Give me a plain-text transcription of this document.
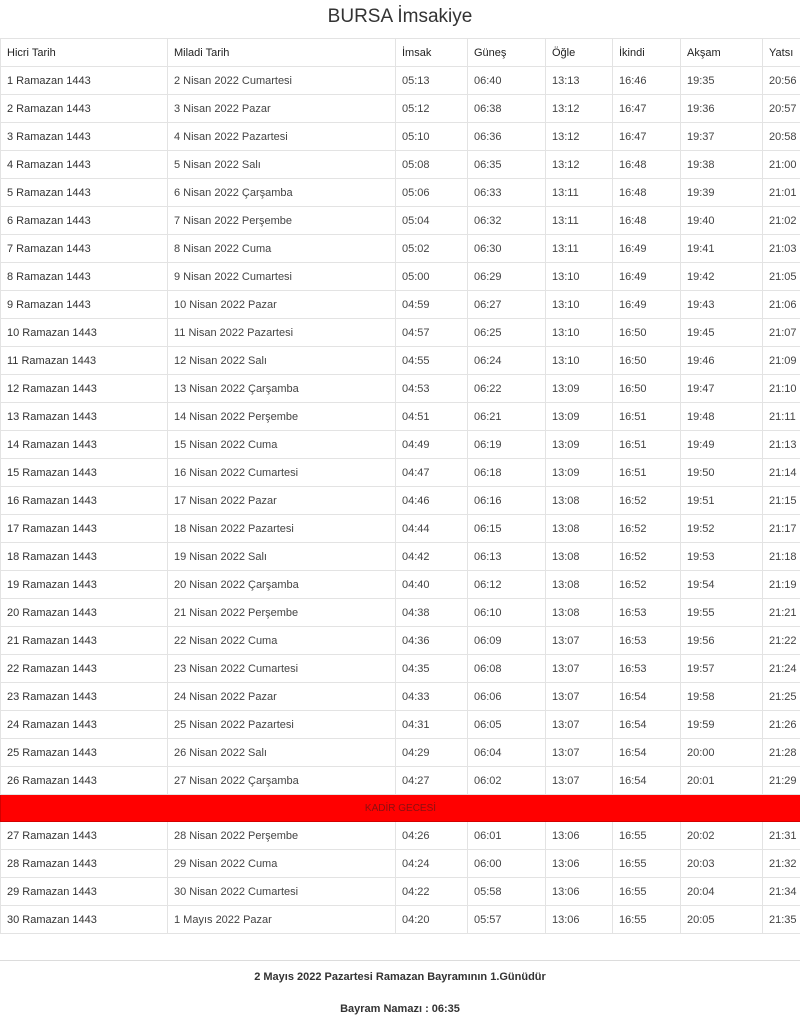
BURSA İmsakiye
Hicri Tarih	Miladi Tarih	İmsak	Güneş	Öğle	İkindi	Akşam	Yatsı
1 Ramazan 1443	2 Nisan 2022 Cumartesi	05:13	06:40	13:13	16:46	19:35	20:56
2 Ramazan 1443	3 Nisan 2022 Pazar	05:12	06:38	13:12	16:47	19:36	20:57
3 Ramazan 1443	4 Nisan 2022 Pazartesi	05:10	06:36	13:12	16:47	19:37	20:58
4 Ramazan 1443	5 Nisan 2022 Salı	05:08	06:35	13:12	16:48	19:38	21:00
5 Ramazan 1443	6 Nisan 2022 Çarşamba	05:06	06:33	13:11	16:48	19:39	21:01
6 Ramazan 1443	7 Nisan 2022 Perşembe	05:04	06:32	13:11	16:48	19:40	21:02
7 Ramazan 1443	8 Nisan 2022 Cuma	05:02	06:30	13:11	16:49	19:41	21:03
8 Ramazan 1443	9 Nisan 2022 Cumartesi	05:00	06:29	13:10	16:49	19:42	21:05
9 Ramazan 1443	10 Nisan 2022 Pazar	04:59	06:27	13:10	16:49	19:43	21:06
10 Ramazan 1443	11 Nisan 2022 Pazartesi	04:57	06:25	13:10	16:50	19:45	21:07
11 Ramazan 1443	12 Nisan 2022 Salı	04:55	06:24	13:10	16:50	19:46	21:09
12 Ramazan 1443	13 Nisan 2022 Çarşamba	04:53	06:22	13:09	16:50	19:47	21:10
13 Ramazan 1443	14 Nisan 2022 Perşembe	04:51	06:21	13:09	16:51	19:48	21:11
14 Ramazan 1443	15 Nisan 2022 Cuma	04:49	06:19	13:09	16:51	19:49	21:13
15 Ramazan 1443	16 Nisan 2022 Cumartesi	04:47	06:18	13:09	16:51	19:50	21:14
16 Ramazan 1443	17 Nisan 2022 Pazar	04:46	06:16	13:08	16:52	19:51	21:15
17 Ramazan 1443	18 Nisan 2022 Pazartesi	04:44	06:15	13:08	16:52	19:52	21:17
18 Ramazan 1443	19 Nisan 2022 Salı	04:42	06:13	13:08	16:52	19:53	21:18
19 Ramazan 1443	20 Nisan 2022 Çarşamba	04:40	06:12	13:08	16:52	19:54	21:19
20 Ramazan 1443	21 Nisan 2022 Perşembe	04:38	06:10	13:08	16:53	19:55	21:21
21 Ramazan 1443	22 Nisan 2022 Cuma	04:36	06:09	13:07	16:53	19:56	21:22
22 Ramazan 1443	23 Nisan 2022 Cumartesi	04:35	06:08	13:07	16:53	19:57	21:24
23 Ramazan 1443	24 Nisan 2022 Pazar	04:33	06:06	13:07	16:54	19:58	21:25
24 Ramazan 1443	25 Nisan 2022 Pazartesi	04:31	06:05	13:07	16:54	19:59	21:26
25 Ramazan 1443	26 Nisan 2022 Salı	04:29	06:04	13:07	16:54	20:00	21:28
26 Ramazan 1443	27 Nisan 2022 Çarşamba	04:27	06:02	13:07	16:54	20:01	21:29
KADİR GECESİ							
27 Ramazan 1443	28 Nisan 2022 Perşembe	04:26	06:01	13:06	16:55	20:02	21:31
28 Ramazan 1443	29 Nisan 2022 Cuma	04:24	06:00	13:06	16:55	20:03	21:32
29 Ramazan 1443	30 Nisan 2022 Cumartesi	04:22	05:58	13:06	16:55	20:04	21:34
30 Ramazan 1443	1 Mayıs 2022 Pazar	04:20	05:57	13:06	16:55	20:05	21:35
2 Mayıs 2022 Pazartesi Ramazan Bayramının 1.Günüdür
Bayram Namazı : 06:35
